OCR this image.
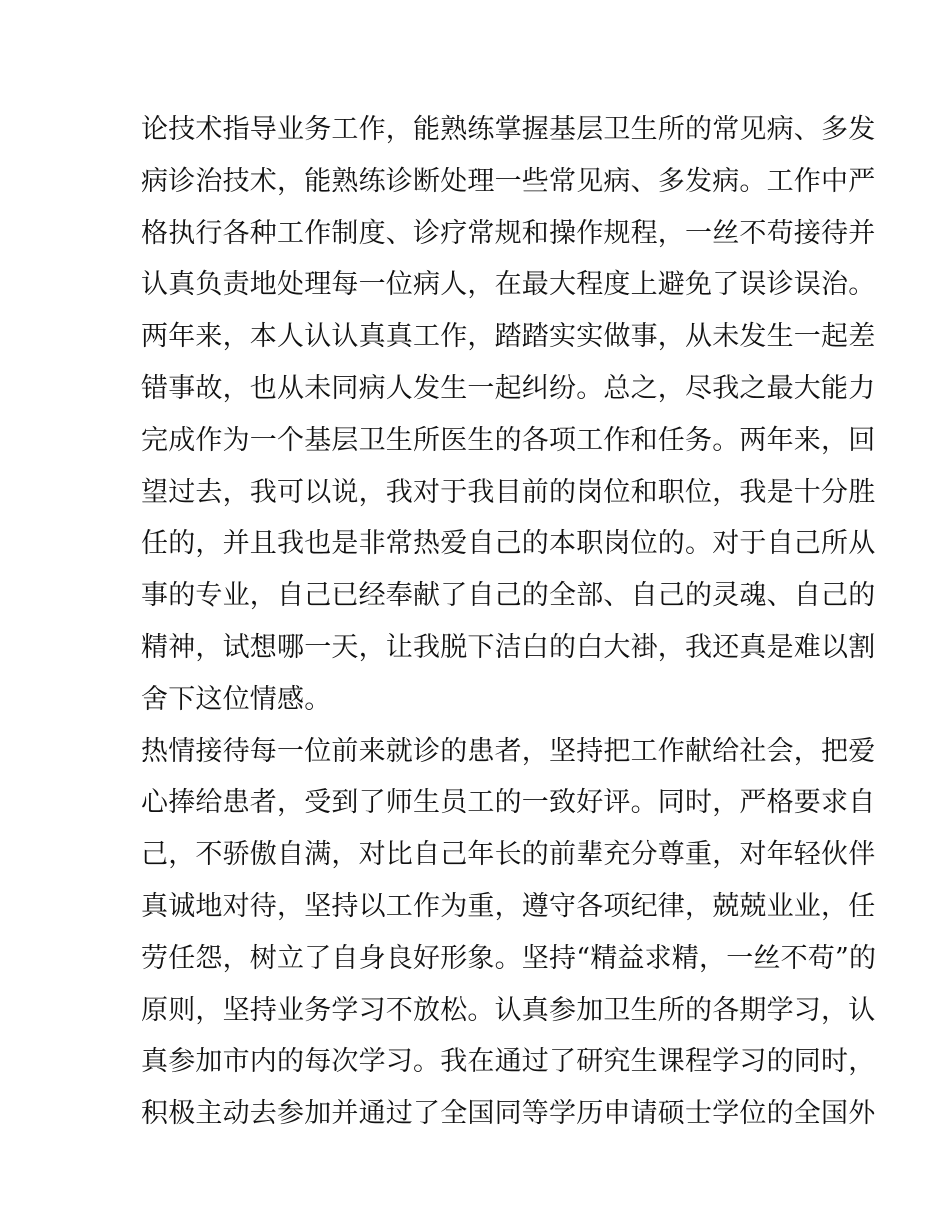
论技术指导业务工作，能熟练掌握基层卫生所的常见病、多发
病诊治技术，能熟练诊断处理一些常见病、多发病。工作中严
格执行各种工作制度、诊疗常规和操作规程，一丝不苟接待并
认真负责地处理每一位病人，在最大程度上避免了误诊误治。
两年来，本人认认真真工作，踏踏实实做事，从未发生一起差
错事故，也从未同病人发生一起纠纷。总之，尽我之最大能力
完成作为一个基层卫生所医生的各项工作和任务。两年来，回
望过去，我可以说，我对于我目前的岗位和职位，我是十分胜
任的，并且我也是非常热爱自己的本职岗位的。对于自己所从
事的专业，自己已经奉献了自己的全部、自己的灵魂、自己的
精神，试想哪一天，让我脱下洁白的白大褂，我还真是难以割
舍下这位情感。
热情接待每一位前来就诊的患者，坚持把工作献给社会，把爱
心捧给患者，受到了师生员工的一致好评。同时，严格要求自
己，不骄傲自满，对比自己年长的前辈充分尊重，对年轻伙伴
真诚地对待，坚持以工作为重，遵守各项纪律，兢兢业业，任
劳任怨，树立了自身良好形象。坚持“精益求精，一丝不苟”的
原则，坚持业务学习不放松。认真参加卫生所的各期学习，认
真参加市内的每次学习。我在通过了研究生课程学习的同时，
积极主动去参加并通过了全国同等学历申请硕士学位的全国外
